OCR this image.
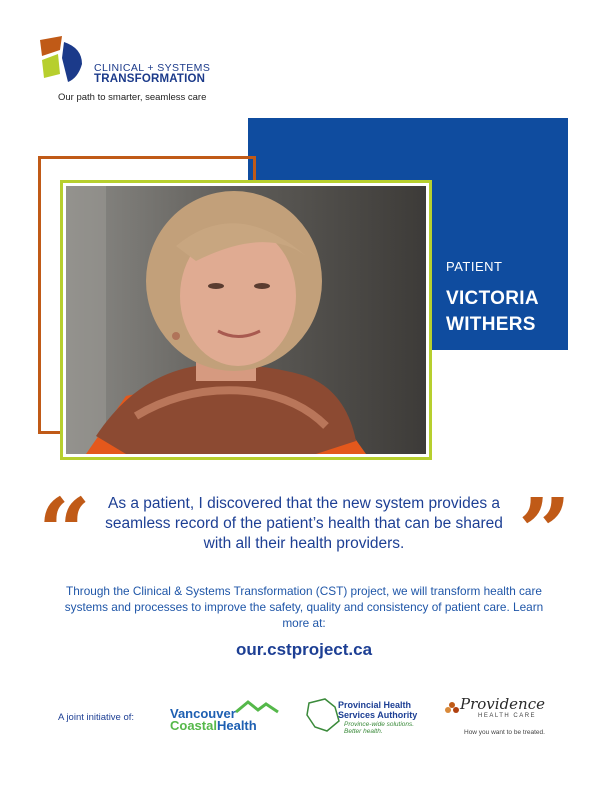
CLINICAL + SYSTEMS
TRANSFORMATION
Our path to smarter, seamless care
PATIENT
VICTORIA WITHERS
“	As a patient, I discovered that the new system provides a seamless record of the patient’s health that can be shared with all their health providers.	”
Through the Clinical & Systems Transformation (CST) project, we will transform health care systems and processes to improve the safety, quality and consistency of patient care. Learn more at:
our.cstproject.ca
A joint initiative of:	Vancouver
CoastalHealth
Provincial Health
Services Authority
Province-wide solutions.
Better health.
Providence
HEALTH CARE
How you want to be treated.
